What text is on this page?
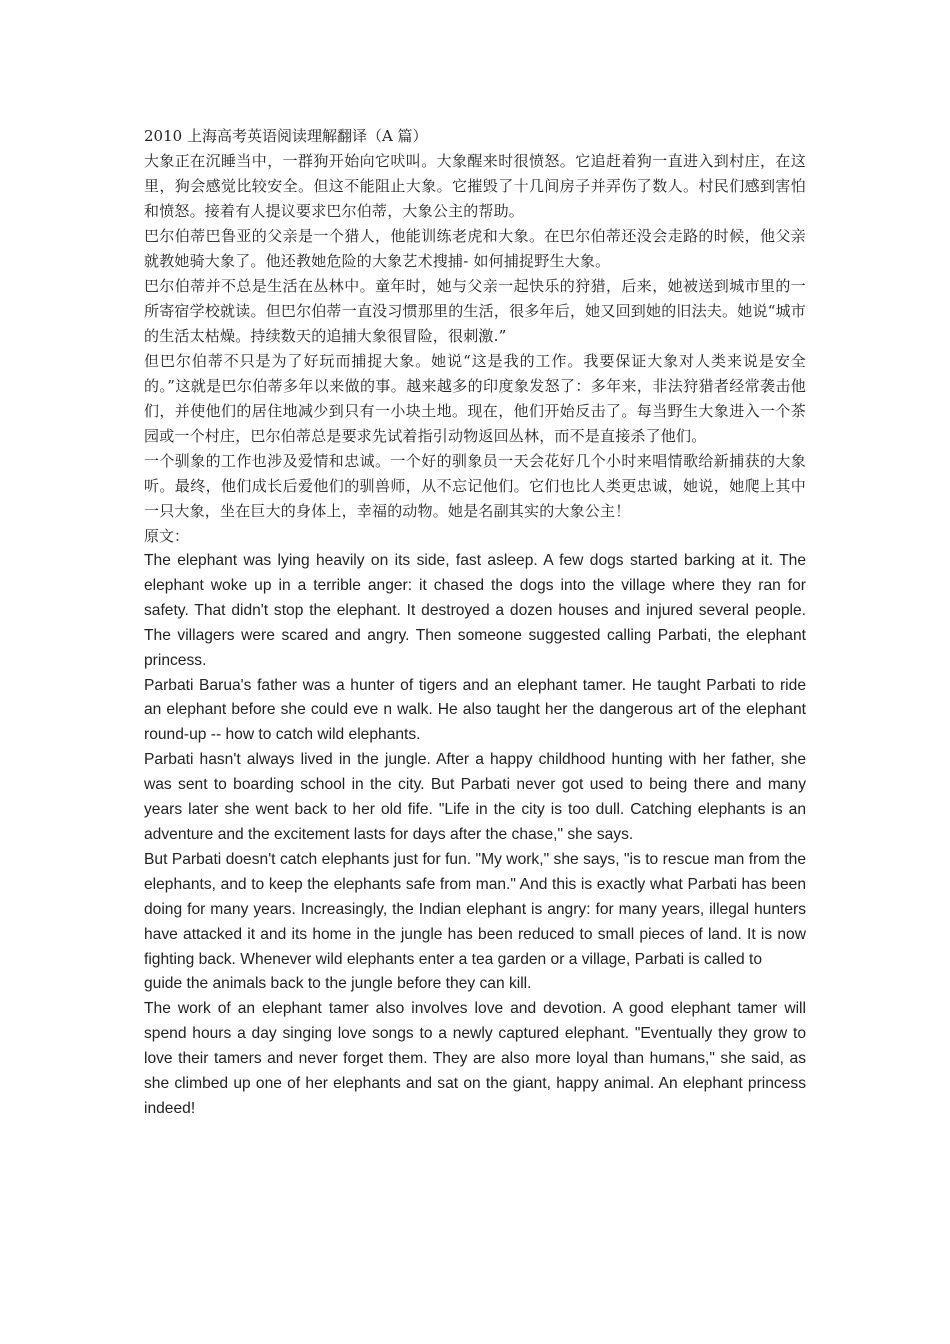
2010 上海高考英语阅读理解翻译（A 篇）

大象正在沉睡当中，一群狗开始向它吠叫。大象醒来时很愤怒。它追赶着狗一直进入到村庄，在这里，狗会感觉比较安全。但这不能阻止大象。它摧毁了十几间房子并弄伤了数人。村民们感到害怕和愤怒。接着有人提议要求巴尔伯蒂，大象公主的帮助。

巴尔伯蒂巴鲁亚的父亲是一个猎人，他能训练老虎和大象。在巴尔伯蒂还没会走路的时候，他父亲就教她骑大象了。他还教她危险的大象艺术搜捕- 如何捕捉野生大象。

巴尔伯蒂并不总是生活在丛林中。童年时，她与父亲一起快乐的狩猎，后来，她被送到城市里的一所寄宿学校就读。但巴尔伯蒂一直没习惯那里的生活，很多年后，她又回到她的旧法夫。她说“城市的生活太枯燥。持续数天的追捕大象很冒险，很刺激.”

但巴尔伯蒂不只是为了好玩而捕捉大象。她说“这是我的工作。我要保证大象对人类来说是安全的。”这就是巴尔伯蒂多年以来做的事。越来越多的印度象发怒了：多年来，非法狩猎者经常袭击他们，并使他们的居住地减少到只有一小块土地。现在，他们开始反击了。每当野生大象进入一个茶园或一个村庄，巴尔伯蒂总是要求先试着指引动物返回丛林，而不是直接杀了他们。

一个驯象的工作也涉及爱情和忠诚。一个好的驯象员一天会花好几个小时来唱情歌给新捕获的大象听。最终，他们成长后爱他们的驯兽师，从不忘记他们。它们也比人类更忠诚，她说，她爬上其中一只大象，坐在巨大的身体上，幸福的动物。她是名副其实的大象公主！

原文：

The elephant was lying heavily on its side, fast asleep. A few dogs started barking at it. The elephant woke up in a terrible anger: it chased the dogs into the village where they ran for safety. That didn't stop the elephant. It destroyed a dozen houses and injured several people. The villagers were scared and angry. Then someone suggested calling Parbati, the elephant princess.

Parbati Barua's father was a hunter of tigers and an elephant tamer. He taught Parbati to ride an elephant before she could eve n walk. He also taught her the dangerous art of the elephant round-up -- how to catch wild elephants.

Parbati hasn't always lived in the jungle. After a happy childhood hunting with her father, she was sent to boarding school in the city. But Parbati never got used to being there and many years later she went back to her old fife. "Life in the city is too dull. Catching elephants is an adventure and the excitement lasts for days after the chase," she says.

But Parbati doesn't catch elephants just for fun. "My work," she says, "is to rescue man from the elephants, and to keep the elephants safe from man." And this is exactly what Parbati has been doing for many years. Increasingly, the Indian elephant is angry: for many years, illegal hunters have attacked it and its home in the jungle has been reduced to small pieces of land. It is now fighting back. Whenever wild elephants enter a tea garden or a village, Parbati is called to

guide the animals back to the jungle before they can kill.

The work of an elephant tamer also involves love and devotion. A good elephant tamer will spend hours a day singing love songs to a newly captured elephant. "Eventually they grow to love their tamers and never forget them. They are also more loyal than humans," she said, as she climbed up one of her elephants and sat on the giant, happy animal. An elephant princess indeed!
